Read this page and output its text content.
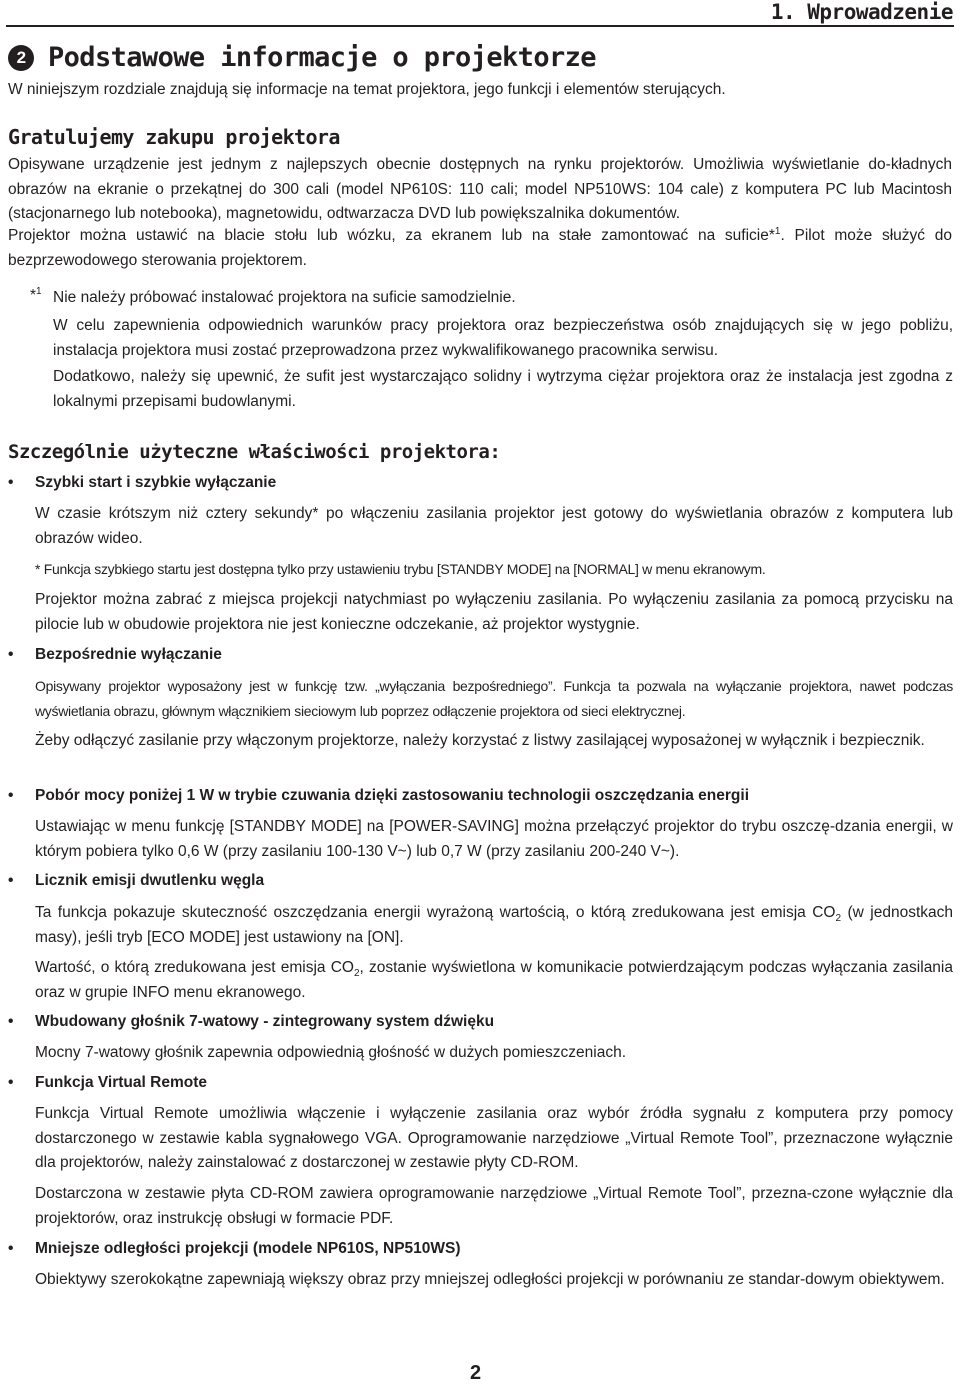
1. Wprowadzenie
2 Podstawowe informacje o projektorze

W niniejszym rozdziale znajdują się informacje na temat projektora, jego funkcji i elementów sterujących.

Gratulujemy zakupu projektora

Opisywane urządzenie jest jednym z najlepszych obecnie dostępnych na rynku projektorów. Umożliwia wyświetlanie do-kładnych obrazów na ekranie o przekątnej do 300 cali (model NP610S: 110 cali; model NP510WS: 104 cale) z komputera PC lub Macintosh (stacjonarnego lub notebooka), magnetowidu, odtwarzacza DVD lub powiększalnika dokumentów.

Projektor można ustawić na blacie stołu lub wózku, za ekranem lub na stałe zamontować na suficie*$^1$. Pilot może służyć do bezprzewodowego sterowania projektorem.

*$^1$ Nie należy próbować instalować projektora na suficie samodzielnie.

W celu zapewnienia odpowiednich warunków pracy projektora oraz bezpieczeństwa osób znajdujących się w jego pobliżu, instalacja projektora musi zostać przeprowadzona przez wykwalifikowanego pracownika serwisu.

Dodatkowo, należy się upewnić, że sufit jest wystarczająco solidny i wytrzyma ciężar projektora oraz że instalacja jest zgodna z lokalnymi przepisami budowlanymi.

Szczególnie użyteczne właściwości projektora:

•	Szybki start i szybkie wyłączanie

W czasie krótszym niż cztery sekundy* po włączeniu zasilania projektor jest gotowy do wyświetlania obrazów z komputera lub obrazów wideo.

* Funkcja szybkiego startu jest dostępna tylko przy ustawieniu trybu [STANDBY MODE] na [NORMAL] w menu ekranowym.

Projektor można zabrać z miejsca projekcji natychmiast po wyłączeniu zasilania. Po wyłączeniu zasilania za pomocą przycisku na pilocie lub w obudowie projektora nie jest konieczne odczekanie, aż projektor wystygnie.

•	Bezpośrednie wyłączanie

Opisywany projektor wyposażony jest w funkcję tzw. „wyłączania bezpośredniego”. Funkcja ta pozwala na wyłączanie projektora, nawet podczas wyświetlania obrazu, głównym włącznikiem sieciowym lub poprzez odłączenie projektora od sieci elektrycznej.

Żeby odłączyć zasilanie przy włączonym projektorze, należy korzystać z listwy zasilającej wyposażonej w wyłącznik i bezpiecznik.

•	Pobór mocy poniżej 1 W w trybie czuwania dzięki zastosowaniu technologii oszczędzania energii

Ustawiając w menu funkcję [STANDBY MODE] na [POWER-SAVING] można przełączyć projektor do trybu oszczę-dzania energii, w którym pobiera tylko 0,6 W (przy zasilaniu 100-130 V~) lub 0,7 W (przy zasilaniu 200-240 V~).

•	Licznik emisji dwutlenku węgla

Ta funkcja pokazuje skuteczność oszczędzania energii wyrażoną wartością, o którą zredukowana jest emisja $CO_2$ (w jednostkach masy), jeśli tryb [ECO MODE] jest ustawiony na [ON].

Wartość, o którą zredukowana jest emisja $CO_2$, zostanie wyświetlona w komunikacie potwierdzającym podczas wyłączania zasilania oraz w grupie INFO menu ekranowego.

•	Wbudowany głośnik 7-watowy - zintegrowany system dźwięku

Mocny 7-watowy głośnik zapewnia odpowiednią głośność w dużych pomieszczeniach.

•	Funkcja Virtual Remote

Funkcja Virtual Remote umożliwia włączenie i wyłączenie zasilania oraz wybór źródła sygnału z komputera przy pomocy dostarczonego w zestawie kabla sygnałowego VGA. Oprogramowanie narzędziowe „Virtual Remote Tool”, przeznaczone wyłącznie dla projektorów, należy zainstalować z dostarczonej w zestawie płyty CD-ROM.

Dostarczona w zestawie płyta CD-ROM zawiera oprogramowanie narzędziowe „Virtual Remote Tool”, przezna-czone wyłącznie dla projektorów, oraz instrukcję obsługi w formacie PDF.

•	Mniejsze odległości projekcji (modele NP610S, NP510WS)

Obiektywy szerokokątne zapewniają większy obraz przy mniejszej odległości projekcji w porównaniu ze standar-dowym obiektywem.

2
